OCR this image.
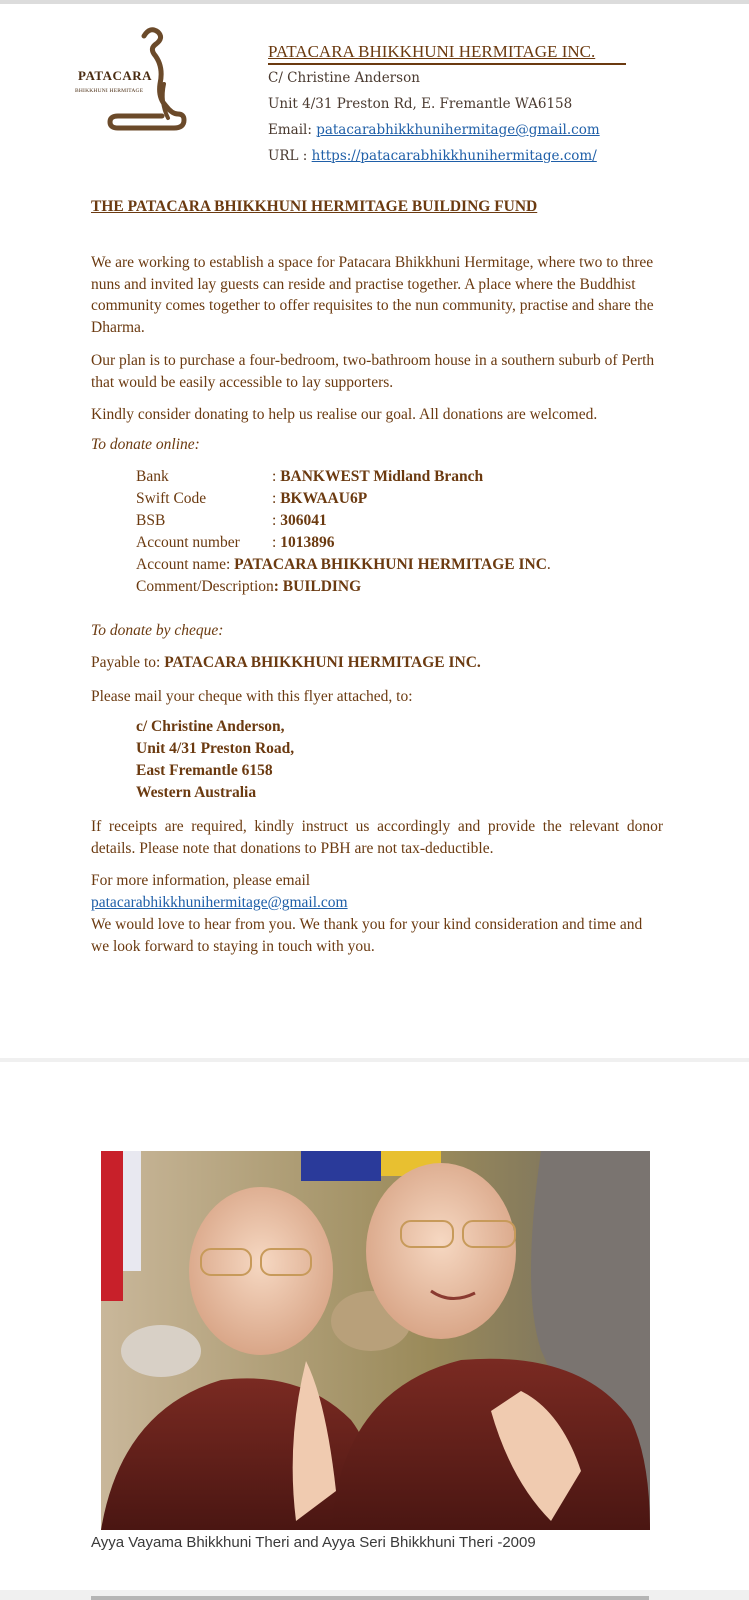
PATACARA
BHIKKHUNI HERMITAGE
PATACARA BHIKKHUNI HERMITAGE INC.
C/ Christine Anderson
Unit 4/31 Preston Rd, E. Fremantle WA6158
Email: patacarabhikkhunihermitage@gmail.com
URL : https://patacarabhikkhunihermitage.com/
THE PATACARA BHIKKHUNI HERMITAGE BUILDING FUND
We are working to establish a space for Patacara Bhikkhuni Hermitage, where two to three nuns and invited lay guests can reside and practise together. A place where the Buddhist community comes together to offer requisites to the nun community, practise and share the Dharma.
Our plan is to purchase a four-bedroom, two-bathroom house in a southern suburb of Perth that would be easily accessible to lay supporters.
Kindly consider donating to help us realise our goal. All donations are welcomed.
To donate online:
Bank	: BANKWEST Midland Branch
Swift Code	: BKWAAU6P
BSB	: 306041
Account number : 1013896
Account name: PATACARA BHIKKHUNI HERMITAGE INC.
Comment/Description: BUILDING
To donate by cheque:
Payable to: PATACARA BHIKKHUNI HERMITAGE INC.
Please mail your cheque with this flyer attached, to:
c/ Christine Anderson,
Unit 4/31 Preston Road,
East Fremantle 6158
Western Australia
If receipts are required, kindly instruct us accordingly and provide the relevant donor details. Please note that donations to PBH are not tax-deductible.
For more information, please email
patacarabhikkhunihermitage@gmail.com
We would love to hear from you. We thank you for your kind consideration and time and we look forward to staying in touch with you.
Ayya Vayama Bhikkhuni Theri and Ayya Seri Bhikkhuni Theri -2009
